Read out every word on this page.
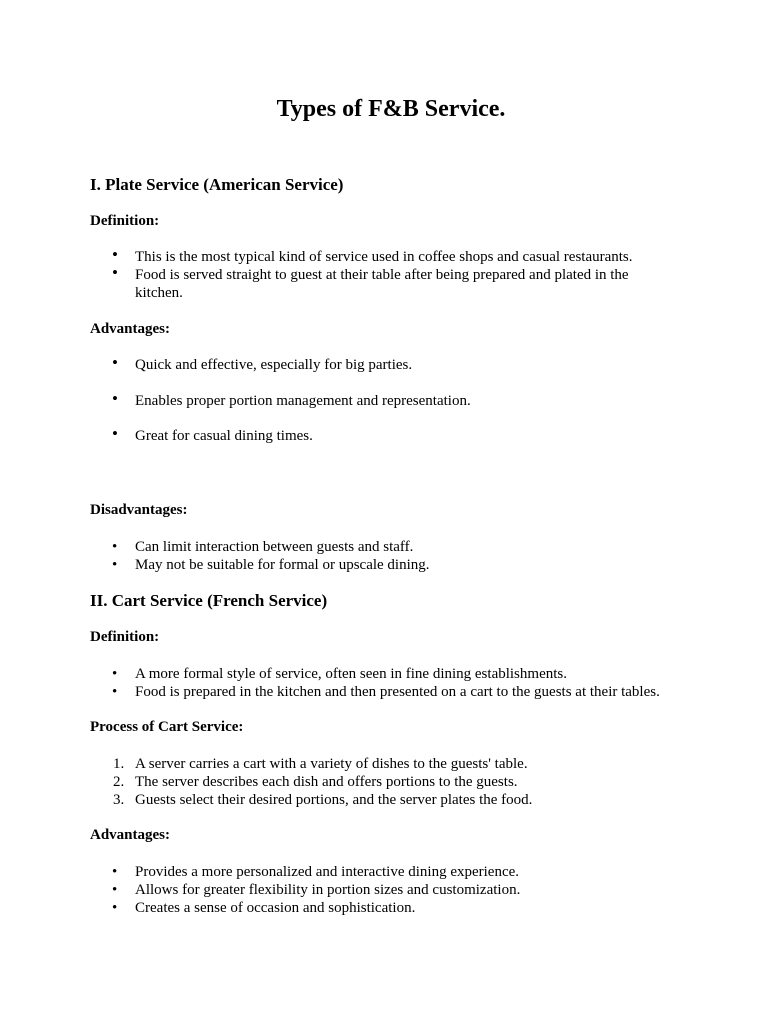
Types of F&B Service.
I. Plate Service (American Service)
Definition:
• This is the most typical kind of service used in coffee shops and casual restaurants.
• Food is served straight to guest at their table after being prepared and plated in the
kitchen.
Advantages:
• Quick and effective, especially for big parties.
• Enables proper portion management and representation.
• Great for casual dining times.
Disadvantages:
• Can limit interaction between guests and staff.
• May not be suitable for formal or upscale dining.
II. Cart Service (French Service)
Definition:
• A more formal style of service, often seen in fine dining establishments.
• Food is prepared in the kitchen and then presented on a cart to the guests at their tables.
Process of Cart Service:
1. A server carries a cart with a variety of dishes to the guests' table.
2. The server describes each dish and offers portions to the guests.
3. Guests select their desired portions, and the server plates the food.
Advantages:
• Provides a more personalized and interactive dining experience.
• Allows for greater flexibility in portion sizes and customization.
• Creates a sense of occasion and sophistication.
